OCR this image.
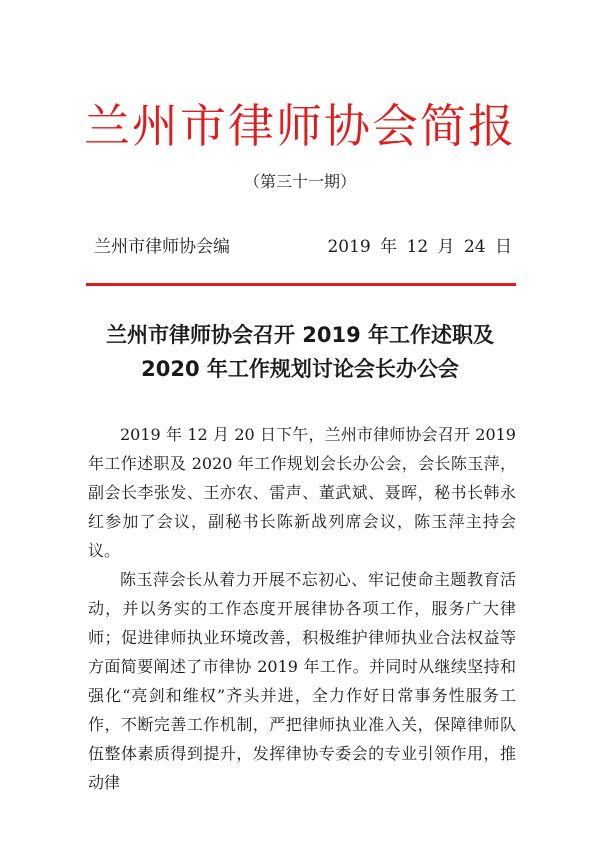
兰州市律师协会简报
（第三十一期）
兰州市律师协会编	2019 年 12 月 24 日
兰州市律师协会召开 2019 年工作述职及
2020 年工作规划讨论会长办公会

2019 年 12 月 20 日下午，兰州市律师协会召开 2019 年工作述职及 2020 年工作规划会长办公会，会长陈玉萍，副会长李张发、王亦农、雷声、董武斌、聂晖，秘书长韩永红参加了会议，副秘书长陈新战列席会议，陈玉萍主持会议。

陈玉萍会长从着力开展不忘初心、牢记使命主题教育活动，并以务实的工作态度开展律协各项工作，服务广大律师；促进律师执业环境改善，积极维护律师执业合法权益等方面简要阐述了市律协 2019 年工作。并同时从继续坚持和强化“亮剑和维权”齐头并进，全力作好日常事务性服务工作，不断完善工作机制，严把律师执业准入关，保障律师队伍整体素质得到提升，发挥律协专委会的专业引领作用，推动律
